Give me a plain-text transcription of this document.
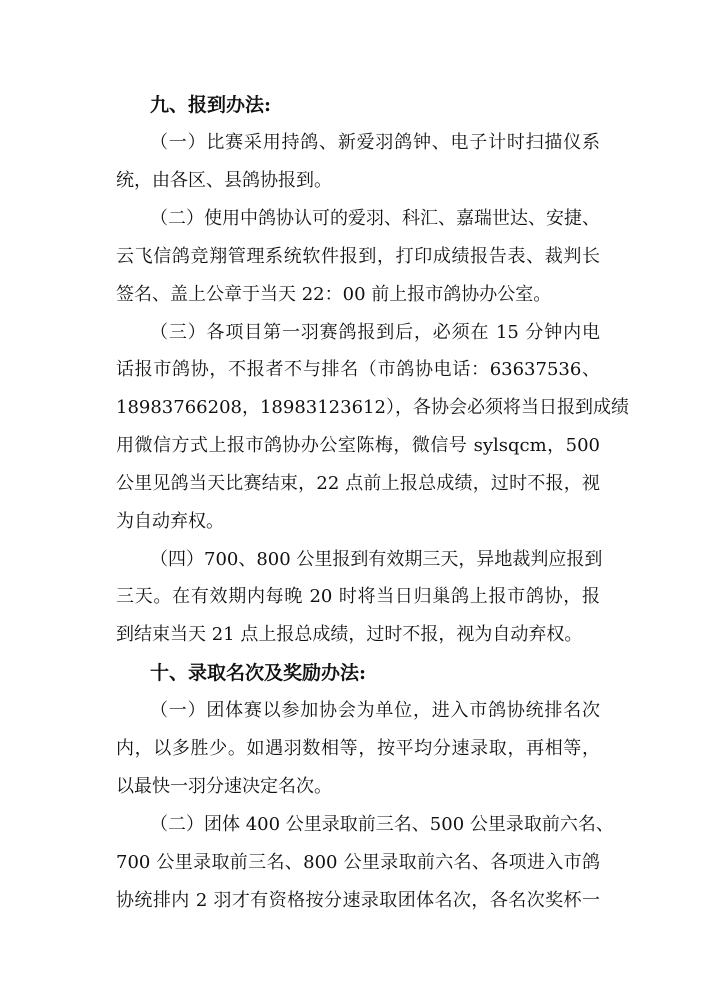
九、报到办法:
（一）比赛采用持鸽、新爱羽鸽钟、电子计时扫描仪系
统，由各区、县鸽协报到。
（二）使用中鸽协认可的爱羽、科汇、嘉瑞世达、安捷、
云飞信鸽竞翔管理系统软件报到，打印成绩报告表、裁判长
签名、盖上公章于当天 22：00 前上报市鸽协办公室。
（三）各项目第一羽赛鸽报到后，必须在 15 分钟内电
话报市鸽协，不报者不与排名（市鸽协电话：63637536、
18983766208，18983123612），各协会必须将当日报到成绩
用微信方式上报市鸽协办公室陈梅，微信号 sylsqcm，500
公里见鸽当天比赛结束，22 点前上报总成绩，过时不报，视
为自动弃权。
（四）700、800 公里报到有效期三天，异地裁判应报到
三天。在有效期内每晚 20 时将当日归巢鸽上报市鸽协，报
到结束当天 21 点上报总成绩，过时不报，视为自动弃权。
十、录取名次及奖励办法:
（一）团体赛以参加协会为单位，进入市鸽协统排名次
内，以多胜少。如遇羽数相等，按平均分速录取，再相等，
以最快一羽分速决定名次。
（二）团体 400 公里录取前三名、500 公里录取前六名、
700 公里录取前三名、800 公里录取前六名、各项进入市鸽
协统排内 2 羽才有资格按分速录取团体名次，各名次奖杯一
